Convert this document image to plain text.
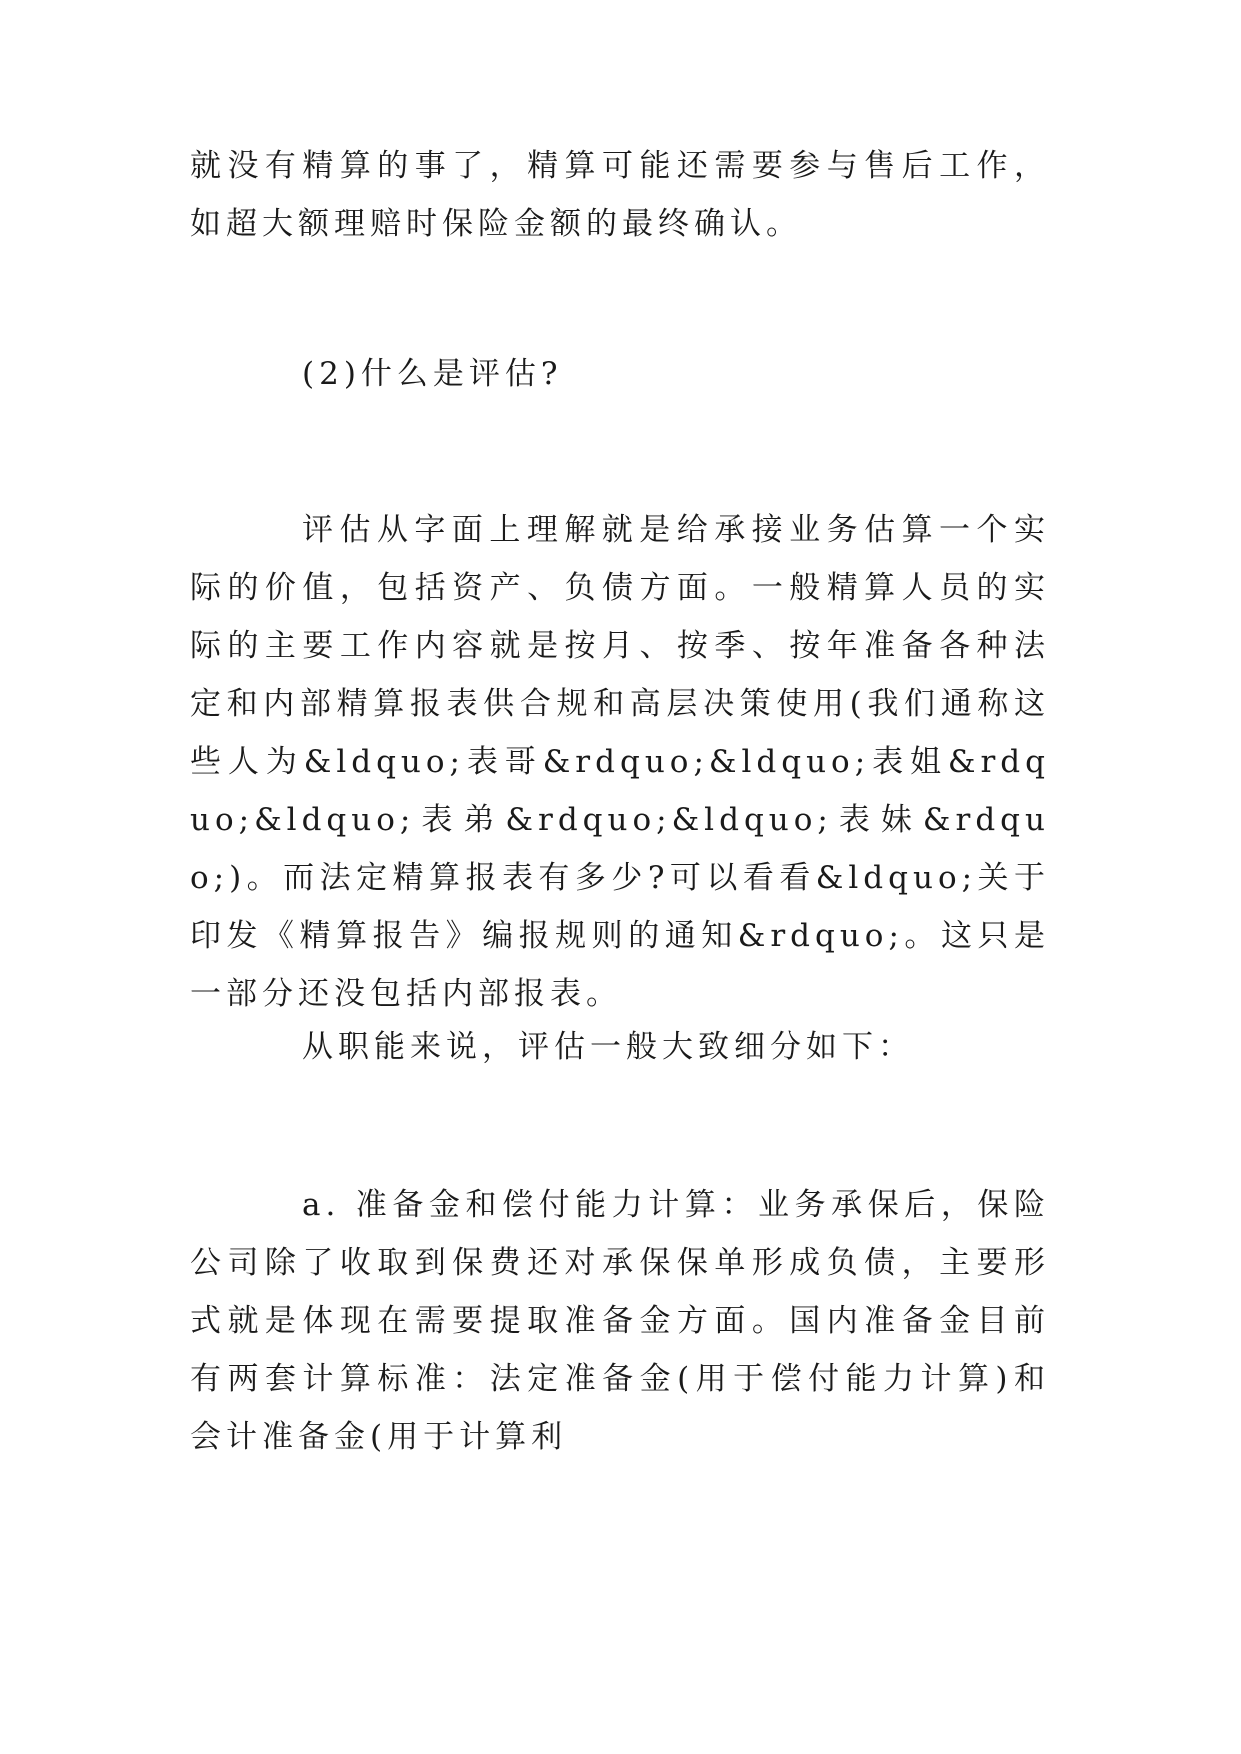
就没有精算的事了，精算可能还需要参与售后工作，如超大额理赔时保险金额的最终确认。

(2)什么是评估?

评估从字面上理解就是给承接业务估算一个实际的价值，包括资产、负债方面。一般精算人员的实际的主要工作内容就是按月、按季、按年准备各种法定和内部精算报表供合规和高层决策使用(我们通称这些人为&ldquo;表哥&rdquo;&ldquo;表姐&rdquo;&ldquo;表弟&rdquo;&ldquo;表妹&rdquo;)。而法定精算报表有多少?可以看看&ldquo;关于印发《精算报告》编报规则的通知&rdquo;。这只是一部分还没包括内部报表。

从职能来说，评估一般大致细分如下：

a. 准备金和偿付能力计算：业务承保后，保险公司除了收取到保费还对承保保单形成负债，主要形式就是体现在需要提取准备金方面。国内准备金目前有两套计算标准：法定准备金(用于偿付能力计算)和会计准备金(用于计算利
